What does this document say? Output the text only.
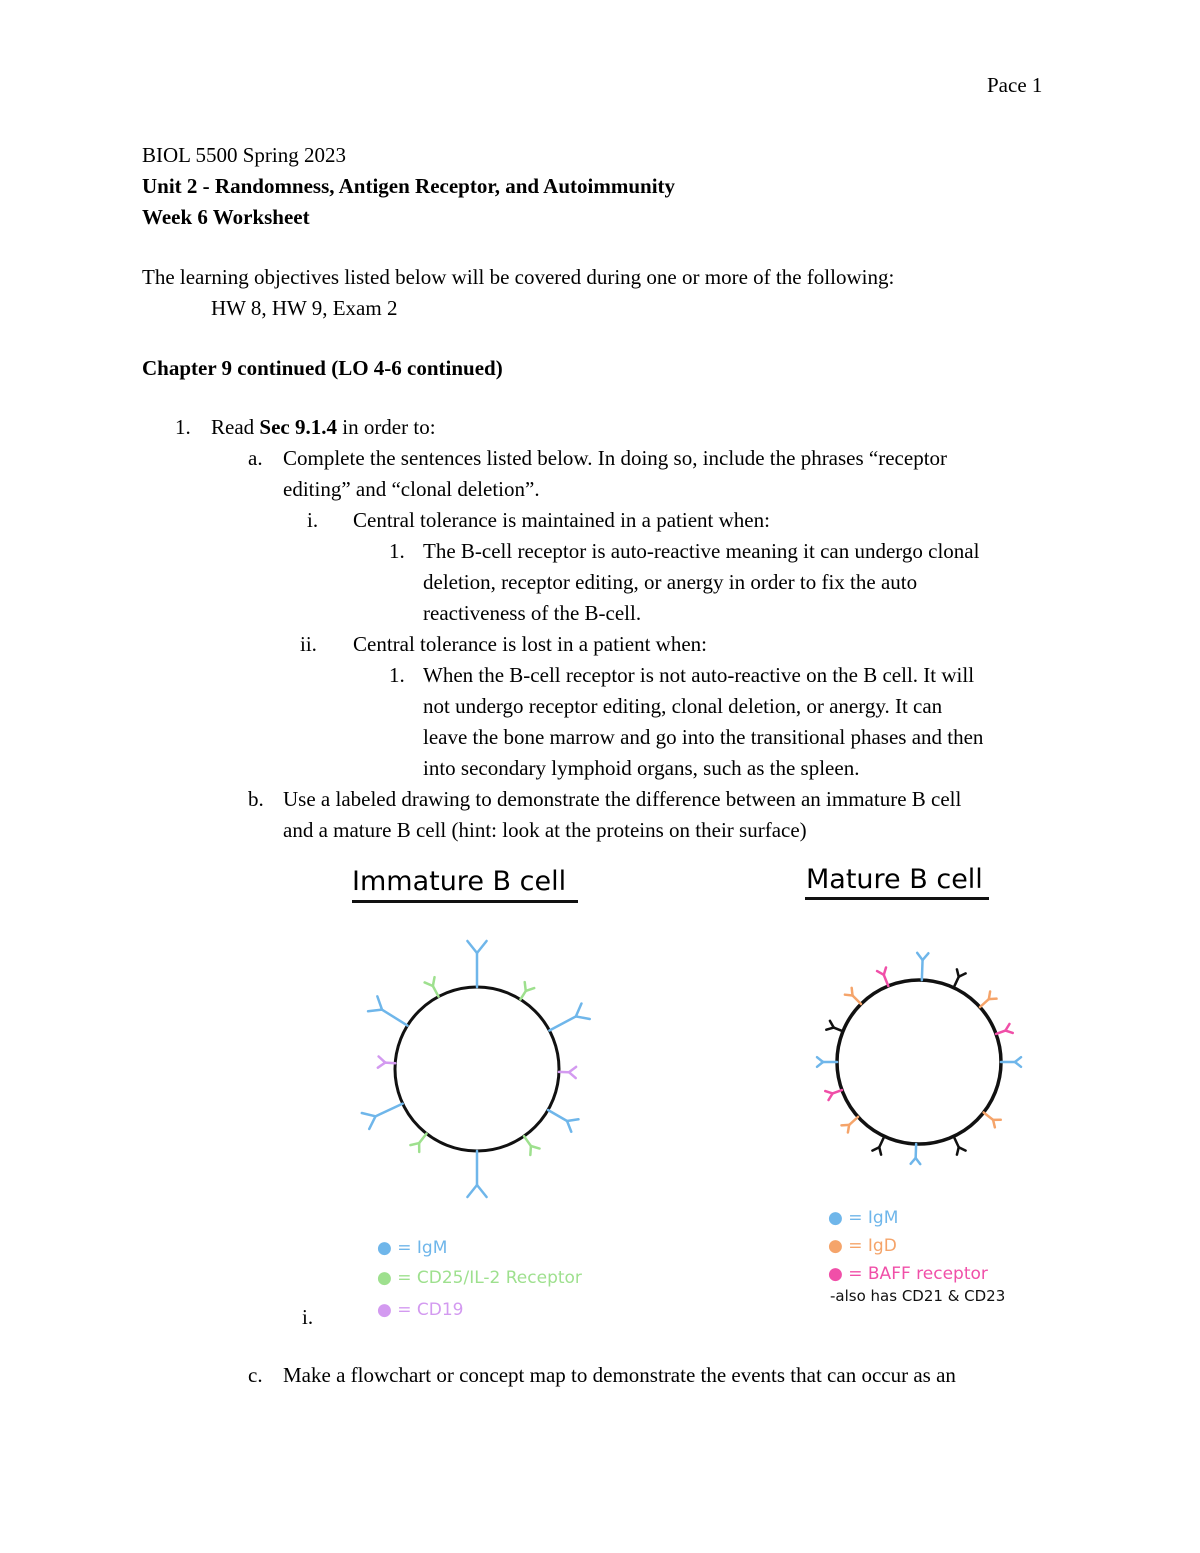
Pace 1
BIOL 5500 Spring 2023
Unit 2 - Randomness, Antigen Receptor, and Autoimmunity
Week 6 Worksheet
The learning objectives listed below will be covered during one or more of the following:
HW 8, HW 9, Exam 2
Chapter 9 continued (LO 4-6 continued)
1. Read Sec 9.1.4 in order to:
a. Complete the sentences listed below. In doing so, include the phrases “receptor
editing” and “clonal deletion”.
i. Central tolerance is maintained in a patient when:
1. The B-cell receptor is auto-reactive meaning it can undergo clonal
deletion, receptor editing, or anergy in order to fix the auto
reactiveness of the B-cell.
ii. Central tolerance is lost in a patient when:
1. When the B-cell receptor is not auto-reactive on the B cell. It will
not undergo receptor editing, clonal deletion, or anergy. It can
leave the bone marrow and go into the transitional phases and then
into secondary lymphoid organs, such as the spleen.
b. Use a labeled drawing to demonstrate the difference between an immature B cell
and a mature B cell (hint: look at the proteins on their surface)
Immature B cell	Mature B cell
● = IgM
● = CD25/IL-2 Receptor
● = CD19
● = IgM
● = IgD
● = BAFF receptor
-also has CD21 & CD23
i.
c. Make a flowchart or concept map to demonstrate the events that can occur as an
